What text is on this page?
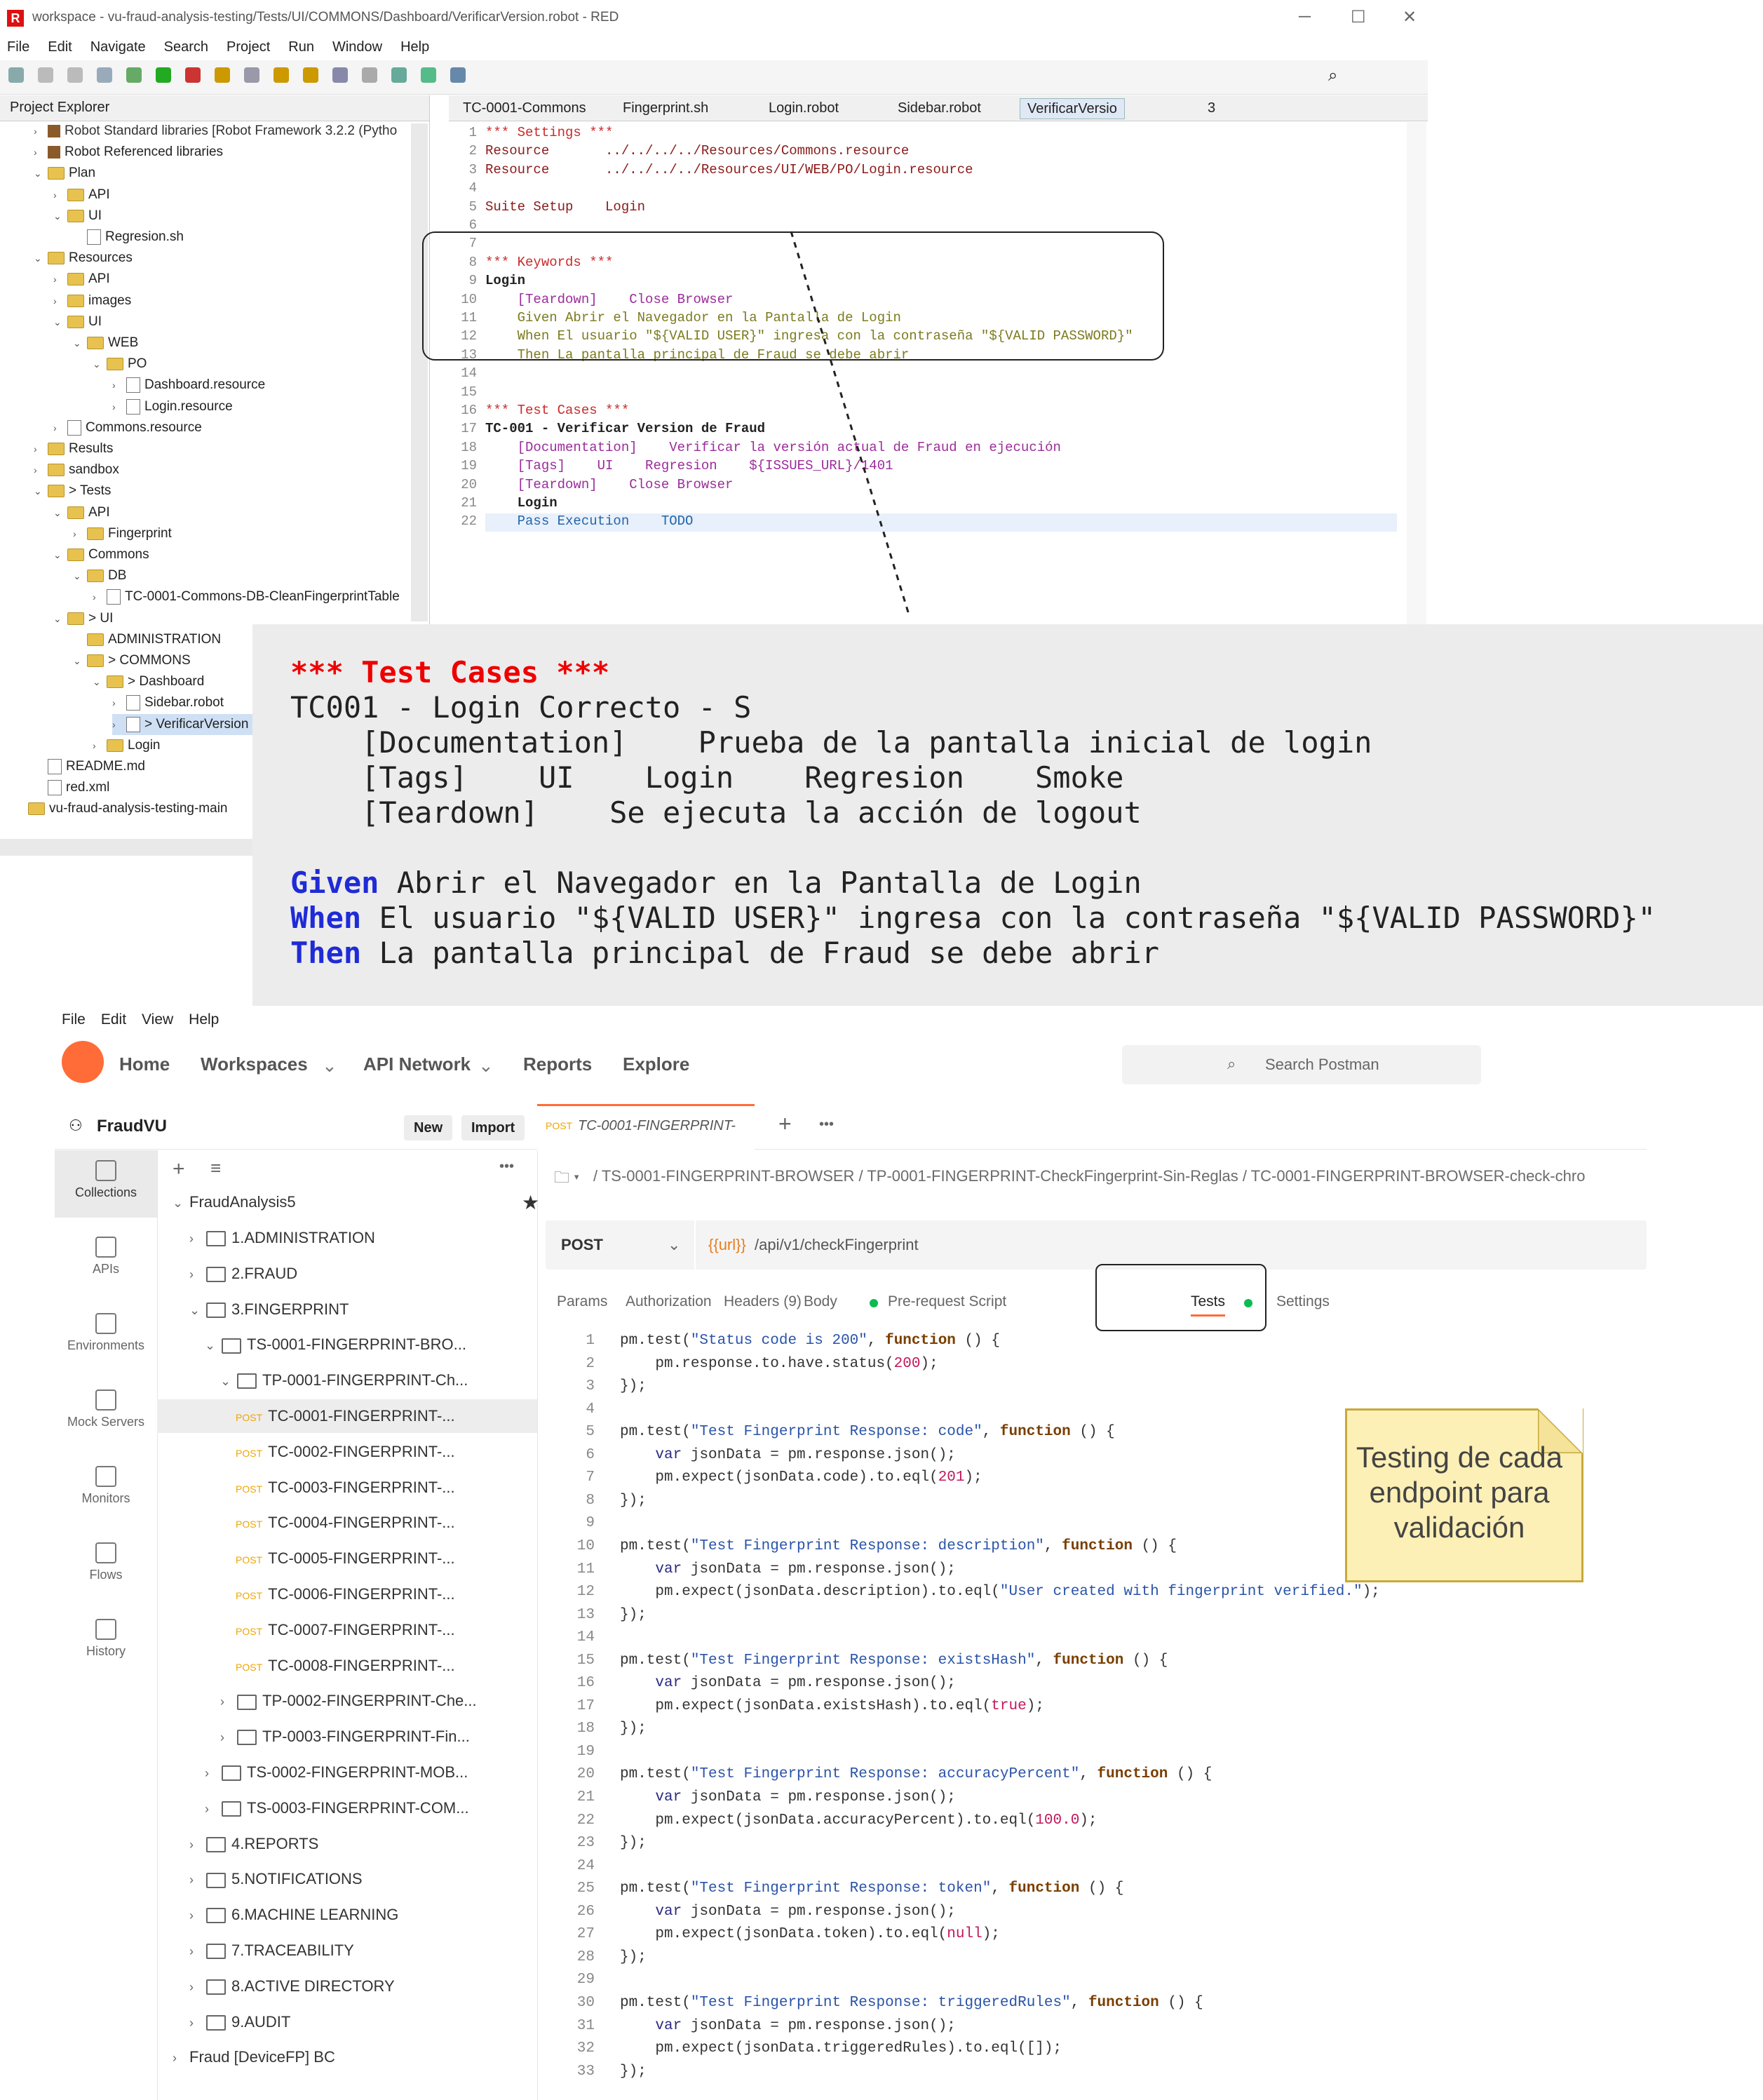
R workspace - vu-fraud-analysis-testing/Tests/UI/COMMONS/Dashboard/VerificarVersion.robot - RED	─ ☐ ✕
File Edit Navigate Search Project Run Window Help
⌕
Project Explorer
› Robot Standard libraries [Robot Framework 3.2.2 (Pytho
› Robot Referenced libraries
⌄ Plan
› API
⌄ UI
Regresion.sh
⌄ Resources
› API
› images
⌄ UI
⌄ WEB
⌄ PO
› Dashboard.resource
› Login.resource
› Commons.resource
› Results
› sandbox
⌄ > Tests
⌄ API
› Fingerprint
⌄ Commons
⌄ DB
› TC-0001-Commons-DB-CleanFingerprintTable
⌄ > UI
ADMINISTRATION
⌄ > COMMONS
⌄ > Dashboard
› Sidebar.robot
› > VerificarVersion
› Login
README.md
red.xml
vu-fraud-analysis-testing-main
TC-0001-Commons	Fingerprint.sh	Login.robot	Sidebar.robot	VerificarVersio	3
1 *** Settings ***
2 Resource       ../../../../Resources/Commons.resource
3 Resource       ../../../../Resources/UI/WEB/PO/Login.resource
4
5 Suite Setup    Login
6
7
8 *** Keywords ***
9 Login
10 [Teardown]    Close Browser
11 Given Abrir el Navegador en la Pantalla de Login
12 When El usuario "${VALID USER}" ingresa con la contraseña "${VALID PASSWORD}"
13 Then La pantalla principal de Fraud se debe abrir
14
15
16 *** Test Cases ***
17 TC-001 - Verificar Version de Fraud
18 [Documentation]    Verificar la versión actual de Fraud en ejecución
19 [Tags]    UI    Regresion    ${ISSUES_URL}/1401
20 [Teardown]    Close Browser
21 Login
22 Pass Execution    TODO
*** Test Cases ***
TC001 - Login Correcto - S
[Documentation]    Prueba de la pantalla inicial de login
[Tags]    UI    Login    Regresion    Smoke
[Teardown]    Se ejecuta la acción de logout
Given Abrir el Navegador en la Pantalla de Login
When El usuario "${VALID USER}" ingresa con la contraseña "${VALID PASSWORD}"
Then La pantalla principal de Fraud se debe abrir
File Edit View Help
Home Workspaces	API Network	Reports Explore
⌄	⌄	⌕ Search Postman
⚇ FraudVU	New	Import
Collections
APIs
Environments
Mock Servers
Monitors
Flows
History
+ ≡	•••
⌄ FraudAnalysis5	★
› 1.ADMINISTRATION
› 2.FRAUD
⌄ 3.FINGERPRINT
⌄ TS-0001-FINGERPRINT-BRO...
⌄ TP-0001-FINGERPRINT-Ch...
POST TC-0001-FINGERPRINT-...
POST TC-0002-FINGERPRINT-...
POST TC-0003-FINGERPRINT-...
POST TC-0004-FINGERPRINT-...
POST TC-0005-FINGERPRINT-...
POST TC-0006-FINGERPRINT-...
POST TC-0007-FINGERPRINT-...
POST TC-0008-FINGERPRINT-...
› TP-0002-FINGERPRINT-Che...
› TP-0003-FINGERPRINT-Fin...
› TS-0002-FINGERPRINT-MOB...
› TS-0003-FINGERPRINT-COM...
› 4.REPORTS
› 5.NOTIFICATIONS
› 6.MACHINE LEARNING
› 7.TRACEABILITY
› 8.ACTIVE DIRECTORY
› 9.AUDIT
› Fraud [DeviceFP] BC
POST TC-0001-FINGERPRINT- + •••
🗀 ▾ / TS-0001-FINGERPRINT-BROWSER / TP-0001-FINGERPRINT-CheckFingerprint-Sin-Reglas / TC-0001-FINGERPRINT-BROWSER-check-chro
POST	⌄ {{url}} /api/v1/checkFingerprint
Params Authorization Headers (9) Body	Pre-request Script	Tests	Settings
1 pm.test("Status code is 200", function () {
2 pm.response.to.have.status(200);
3 });
4
5 pm.test("Test Fingerprint Response: code", function () {
6	var jsonData = pm.response.json();
7 pm.expect(jsonData.code).to.eql(201);
8 });
9
10 pm.test("Test Fingerprint Response: description", function () {
11	var jsonData = pm.response.json();
12 pm.expect(jsonData.description).to.eql("User created with fingerprint verified.");
13 });
14
15 pm.test("Test Fingerprint Response: existsHash", function () {
16	var jsonData = pm.response.json();
17 pm.expect(jsonData.existsHash).to.eql(true);
18 });
19
20 pm.test("Test Fingerprint Response: accuracyPercent", function () {
21	var jsonData = pm.response.json();
22 pm.expect(jsonData.accuracyPercent).to.eql(100.0);
23 });
24
25 pm.test("Test Fingerprint Response: token", function () {
26	var jsonData = pm.response.json();
27 pm.expect(jsonData.token).to.eql(null);
28 });
29
30 pm.test("Test Fingerprint Response: triggeredRules", function () {
31	var jsonData = pm.response.json();
32 pm.expect(jsonData.triggeredRules).to.eql([]);
33 });
Testing de cada endpoint para validación
